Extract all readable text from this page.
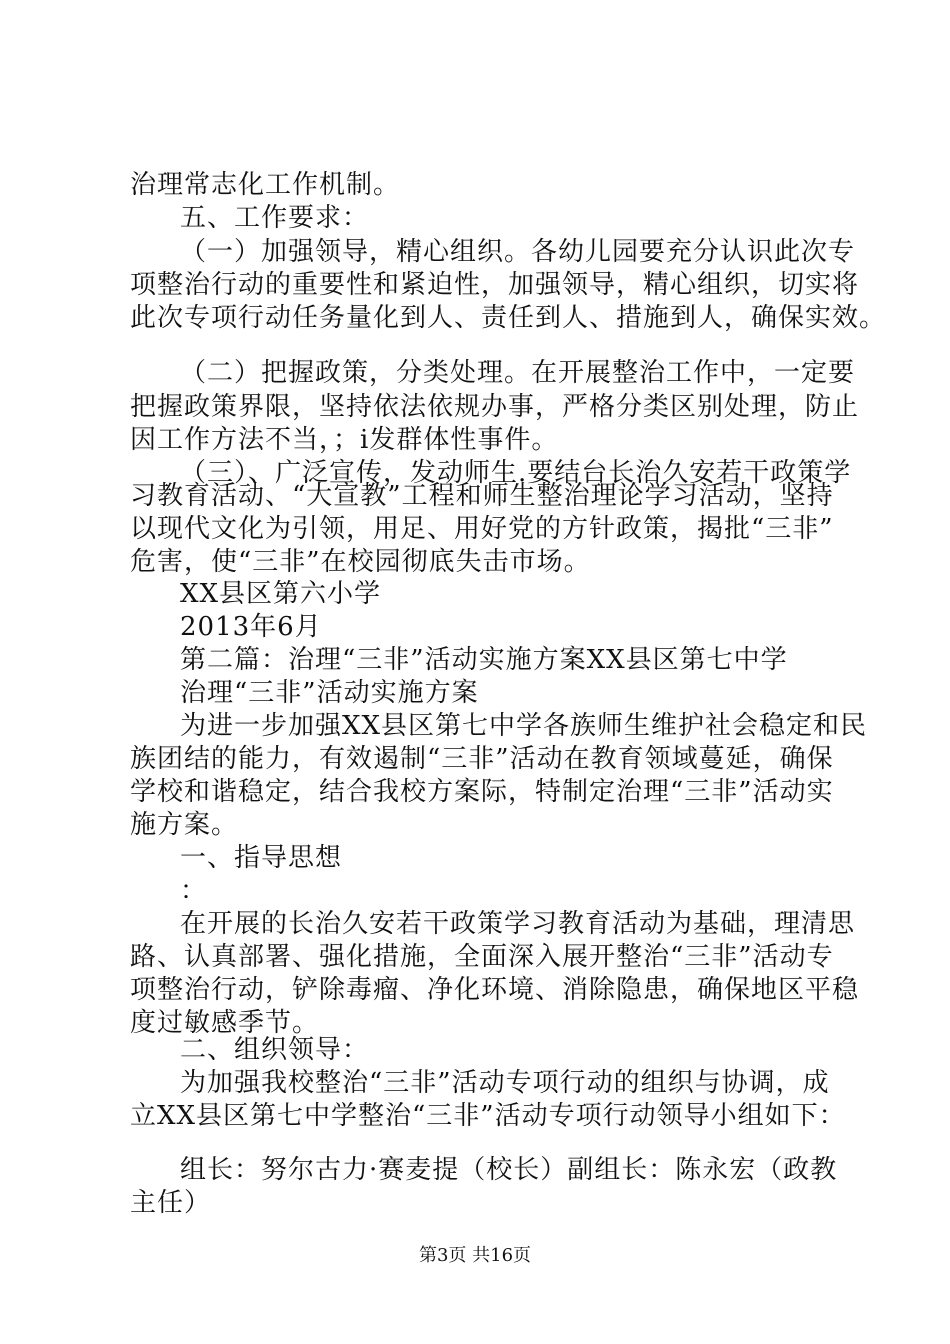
治理常志化工作机制。
五、工作要求：
（一）加强领导，精心组织。各幼儿园要充分认识此次专
项整治行动的重要性和紧迫性，加强领导，精心组织，切实将
此次专项行动任务量化到人、责任到人、措施到人，确保实效。
（二）把握政策，分类处理。在开展整治工作中，一定要
把握政策界限，坚持依法依规办事，严格分类区别处理，防止
因工作方法不当，；i发群体性事件。
（三）、广泛宣传，发动师生.要结台长治久安若干政策学
习教育活动、“大宣教”工程和师生整治理论学习活动，坚持
以现代文化为引领，用足、用好党的方针政策，揭批“三非”
危害，使“三非”在校园彻底失击市场。
XX县区第六小学
2013年6月
第二篇：治理“三非”活动实施方案XX县区第七中学
治理“三非”活动实施方案
为进一步加强XX县区第七中学各族师生维护社会稳定和民
族团结的能力，有效遏制“三非”活动在教育领域蔓延，确保
学校和谐稳定，结合我校方案际，特制定治理“三非”活动实
施方案。
一、指导思想
：
在开展的长治久安若干政策学习教育活动为基础，理清思
路、认真部署、强化措施，全面深入展开整治“三非”活动专
项整治行动，铲除毒瘤、净化环境、消除隐患，确保地区平稳
度过敏感季节。
二、组织领导：
为加强我校整治“三非”活动专项行动的组织与协调，成
立XX县区第七中学整治“三非”活动专项行动领导小组如下：
组长：努尔古力·赛麦提（校长）副组长：陈永宏（政教
主任）
第3页 共16页
